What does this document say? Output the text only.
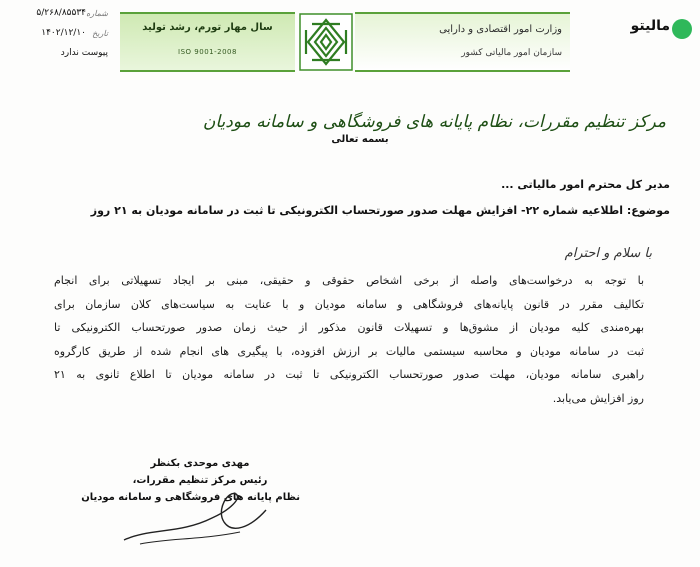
شماره
۵/۲۶۸/۸۵۵۳۴
تاریخ
۱۴۰۲/۱۲/۱۰
پیوست ندارد
سال مهار تورم، رشد تولید
ISO 9001-2008
وزارت امور اقتصادی و دارایی
سازمان امور مالیاتی کشور
مالیتو
مرکز تنظیم مقررات، نظام پایانه های فروشگاهی و سامانه مودیان
بسمه تعالی
مدیر کل محترم امور مالیاتی ...
موضوع: اطلاعیه شماره ۲۲- افزایش مهلت صدور صورتحساب الکترونیکی تا ثبت در سامانه مودیان به ۲۱ روز
با سلام و احترام
با توجه به درخواست‌های واصله از برخی اشخاص حقوقی و حقیقی، مبنی بر ایجاد تسهیلاتی برای انجام
تکالیف مقرر در قانون پایانه‌های فروشگاهی و سامانه مودیان و با عنایت به سیاست‌های کلان سازمان برای
بهره‌مندی کلیه مودیان از مشوق‌ها و تسهیلات قانون مذکور از حیث زمان صدور صورتحساب الکترونیکی تا
ثبت در سامانه مودیان و محاسبه سیستمی مالیات بر ارزش افزوده، با پیگیری های انجام شده از طریق کارگروه
راهبری سامانه مودیان، مهلت صدور صورتحساب الکترونیکی تا ثبت در سامانه مودیان تا اطلاع ثانوی به ۲۱
روز افزایش می‌یابد.
مهدی موحدی بکنظر
رئیس مرکز تنظیم مقررات،
نظام پایانه های فروشگاهی و سامانه مودیان
